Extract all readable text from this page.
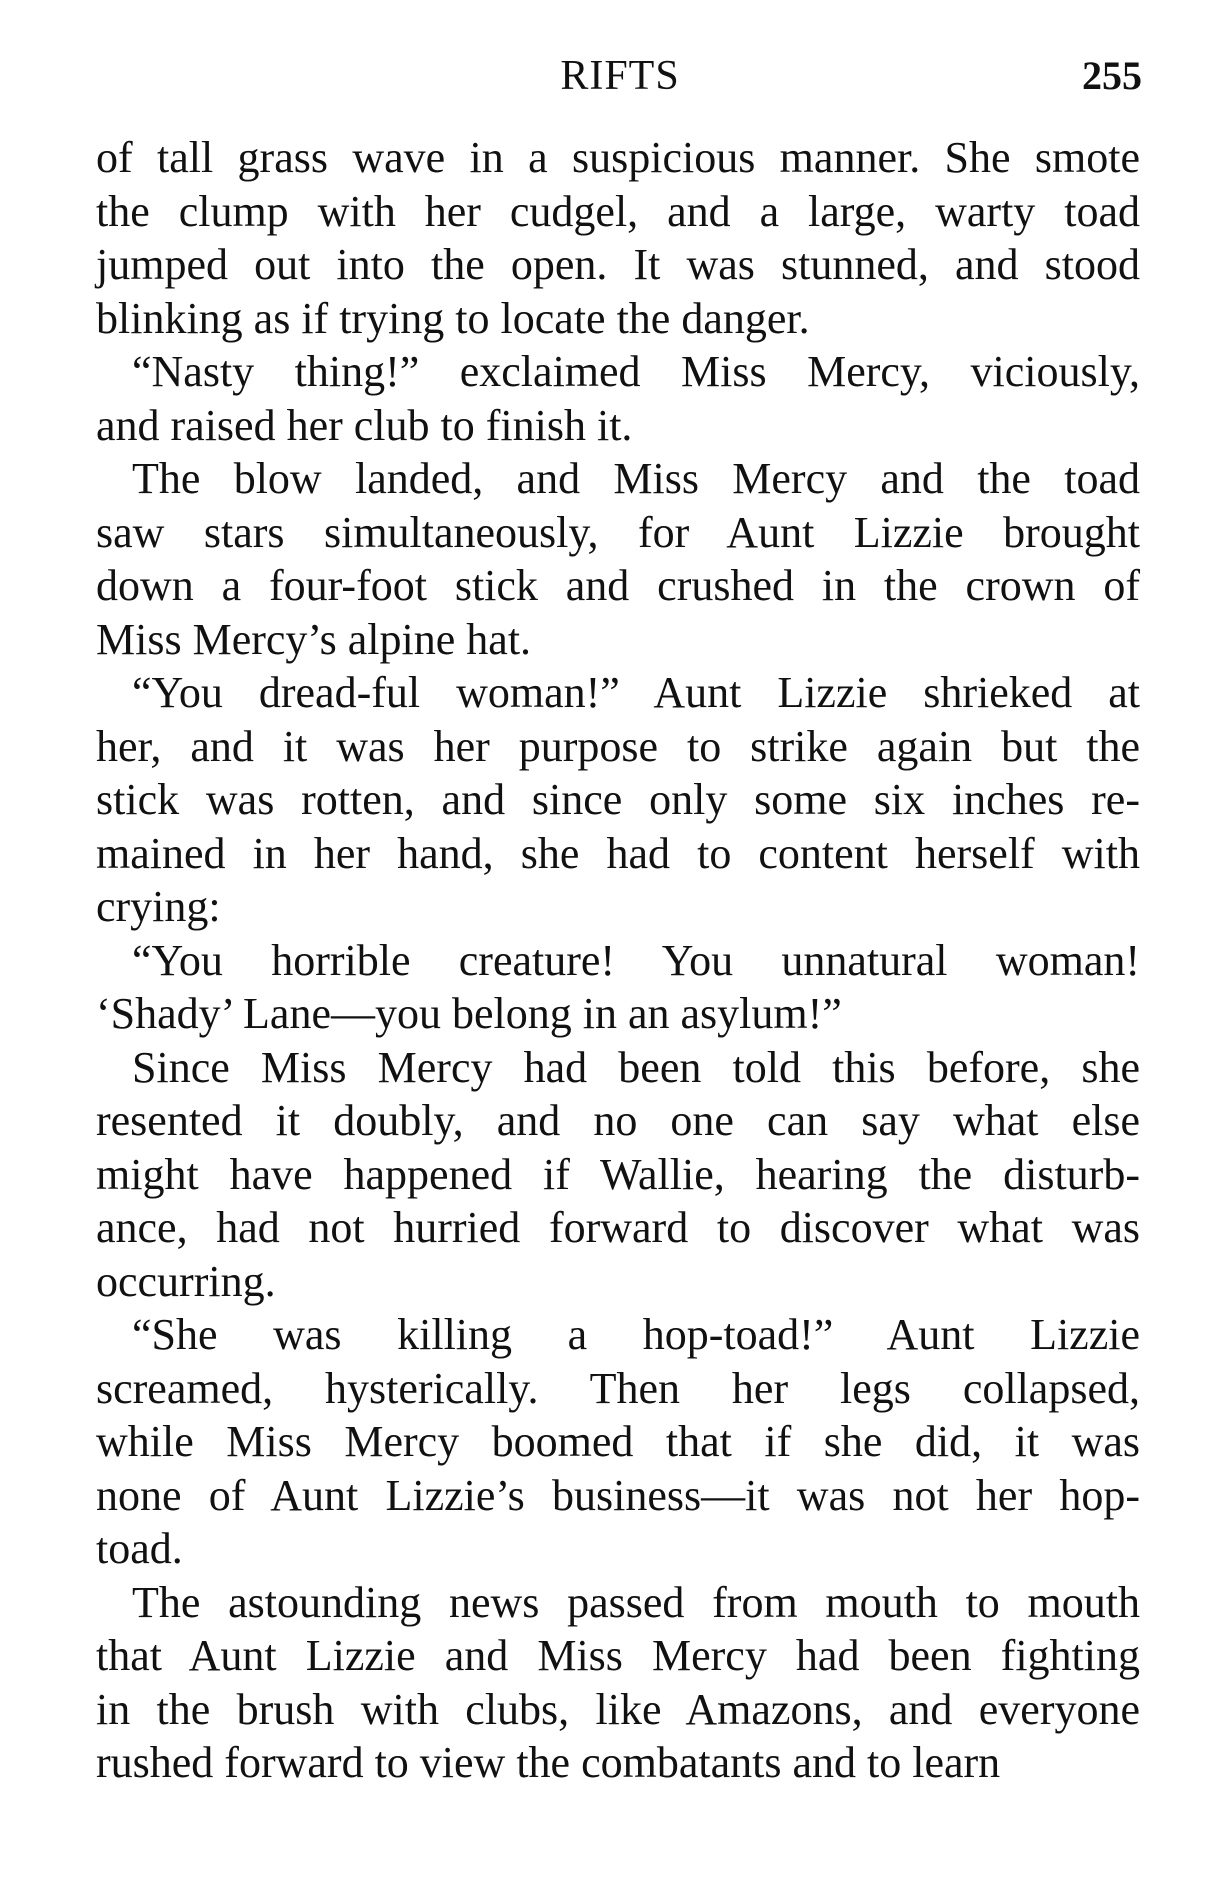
RIFTS	255
of tall grass wave in a suspicious manner. She smote
the clump with her cudgel, and a large, warty toad
jumped out into the open. It was stunned, and stood
blinking as if trying to locate the danger.
“Nasty thing!” exclaimed Miss Mercy, viciously,
and raised her club to finish it.
The blow landed, and Miss Mercy and the toad
saw stars simultaneously, for Aunt Lizzie brought
down a four-foot stick and crushed in the crown of
Miss Mercy’s alpine hat.
“You dread-ful woman!” Aunt Lizzie shrieked at
her, and it was her purpose to strike again but the
stick was rotten, and since only some six inches re-
mained in her hand, she had to content herself with
crying:
“You horrible creature! You unnatural woman!
‘Shady’ Lane—you belong in an asylum!”
Since Miss Mercy had been told this before, she
resented it doubly, and no one can say what else
might have happened if Wallie, hearing the disturb-
ance, had not hurried forward to discover what was
occurring.
“She was killing a hop-toad!” Aunt Lizzie
screamed, hysterically. Then her legs collapsed,
while Miss Mercy boomed that if she did, it was
none of Aunt Lizzie’s business—it was not her hop-
toad.
The astounding news passed from mouth to mouth
that Aunt Lizzie and Miss Mercy had been fighting
in the brush with clubs, like Amazons, and everyone
rushed forward to view the combatants and to learn
